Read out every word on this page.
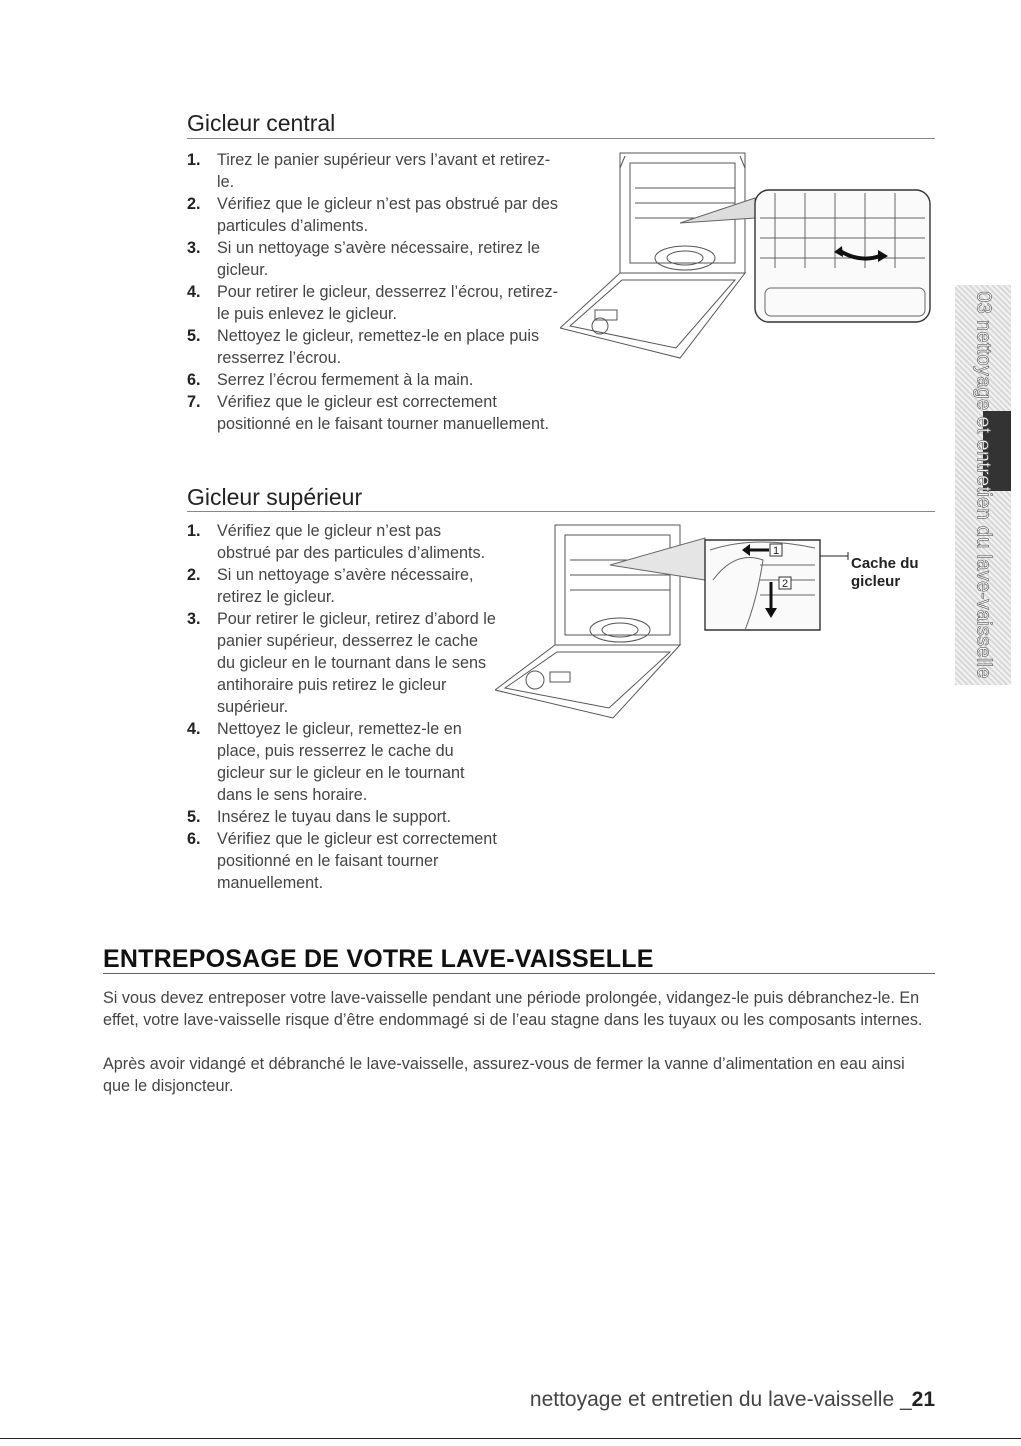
Gicleur central
1. Tirez le panier supérieur vers l’avant et retirez-le.
2. Vérifiez que le gicleur n’est pas obstrué par des particules d’aliments.
3. Si un nettoyage s’avère nécessaire, retirez le gicleur.
4. Pour retirer le gicleur, desserrez l’écrou, retirez-le puis enlevez le gicleur.
5. Nettoyez le gicleur, remettez-le en place puis resserrez l’écrou.
6. Serrez l’écrou fermement à la main.
7. Vérifiez que le gicleur est correctement positionné en le faisant tourner manuellement.
Gicleur supérieur
1. Vérifiez que le gicleur n’est pas obstrué par des particules d’aliments.
2. Si un nettoyage s’avère nécessaire, retirez le gicleur.
3. Pour retirer le gicleur, retirez d’abord le panier supérieur, desserrez le cache du gicleur en le tournant dans le sens antihoraire puis retirez le gicleur supérieur.
4. Nettoyez le gicleur, remettez-le en place, puis resserrez le cache du gicleur sur le gicleur en le tournant dans le sens horaire.
5. Insérez le tuyau dans le support.
6. Vérifiez que le gicleur est correctement positionné en le faisant tourner manuellement.
1
2
Cache du gicleur
ENTREPOSAGE DE VOTRE LAVE-VAISSELLE

Si vous devez entreposer votre lave-vaisselle pendant une période prolongée, vidangez-le puis débranchez-le. En effet, votre lave-vaisselle risque d’être endommagé si de l’eau stagne dans les tuyaux ou les composants internes.

Après avoir vidangé et débranché le lave-vaisselle, assurez-vous de fermer la vanne d’alimentation en eau ainsi que le disjoncteur.

03 nettoyage et entretien du lave-vaisselle
nettoyage et entretien du lave-vaisselle _21
